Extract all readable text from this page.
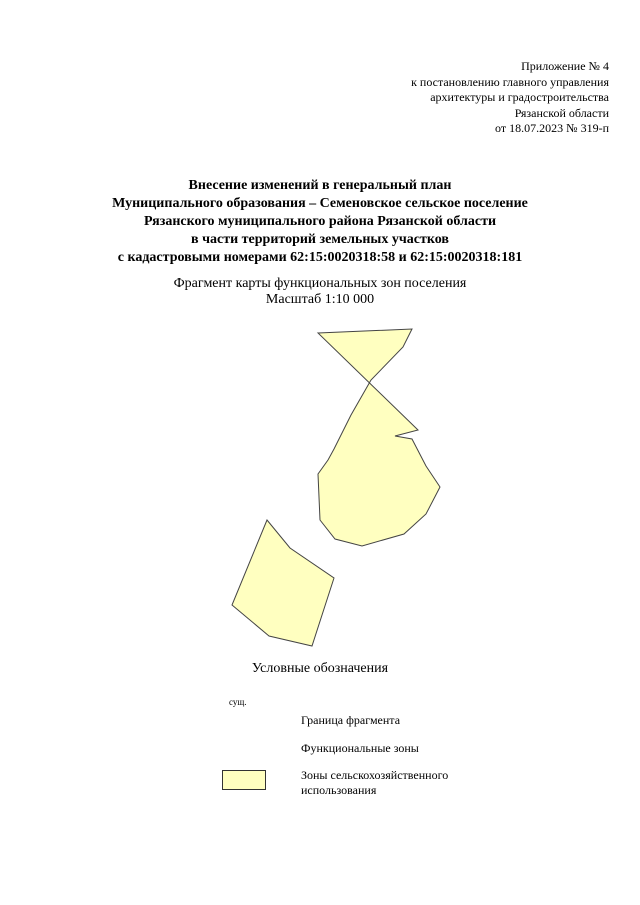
Приложение № 4
к постановлению главного управления
архитектуры и градостроительства
Рязанской области
от 18.07.2023 № 319-п
Внесение изменений в генеральный план
Муниципального образования – Семеновское сельское поселение
Рязанского муниципального района Рязанской области
в части территорий земельных участков
с кадастровыми номерами 62:15:0020318:58 и 62:15:0020318:181
Фрагмент карты функциональных зон поселения
Масштаб 1:10 000
Условные обозначения
сущ.
Граница фрагмента
Функциональные зоны
Зоны сельскохозяйственного использования
